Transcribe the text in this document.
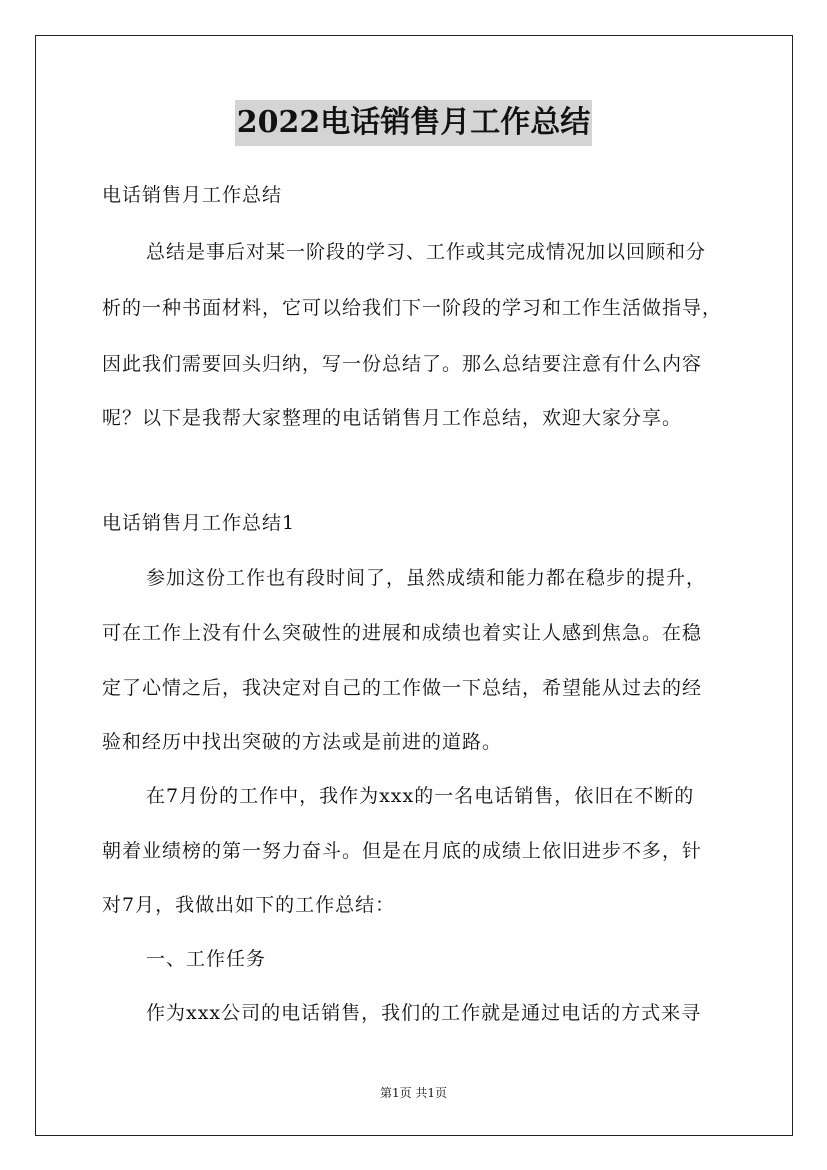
2022电话销售月工作总结
电话销售月工作总结
总结是事后对某一阶段的学习、工作或其完成情况加以回顾和分
析的一种书面材料，它可以给我们下一阶段的学习和工作生活做指导，
因此我们需要回头归纳，写一份总结了。那么总结要注意有什么内容
呢？以下是我帮大家整理的电话销售月工作总结，欢迎大家分享。
电话销售月工作总结1
参加这份工作也有段时间了，虽然成绩和能力都在稳步的提升，
可在工作上没有什么突破性的进展和成绩也着实让人感到焦急。在稳
定了心情之后，我决定对自己的工作做一下总结，希望能从过去的经
验和经历中找出突破的方法或是前进的道路。
在7月份的工作中，我作为xxx的一名电话销售，依旧在不断的
朝着业绩榜的第一努力奋斗。但是在月底的成绩上依旧进步不多，针
对7月，我做出如下的工作总结：
一、工作任务
作为xxx公司的电话销售，我们的工作就是通过电话的方式来寻
第1页 共1页
